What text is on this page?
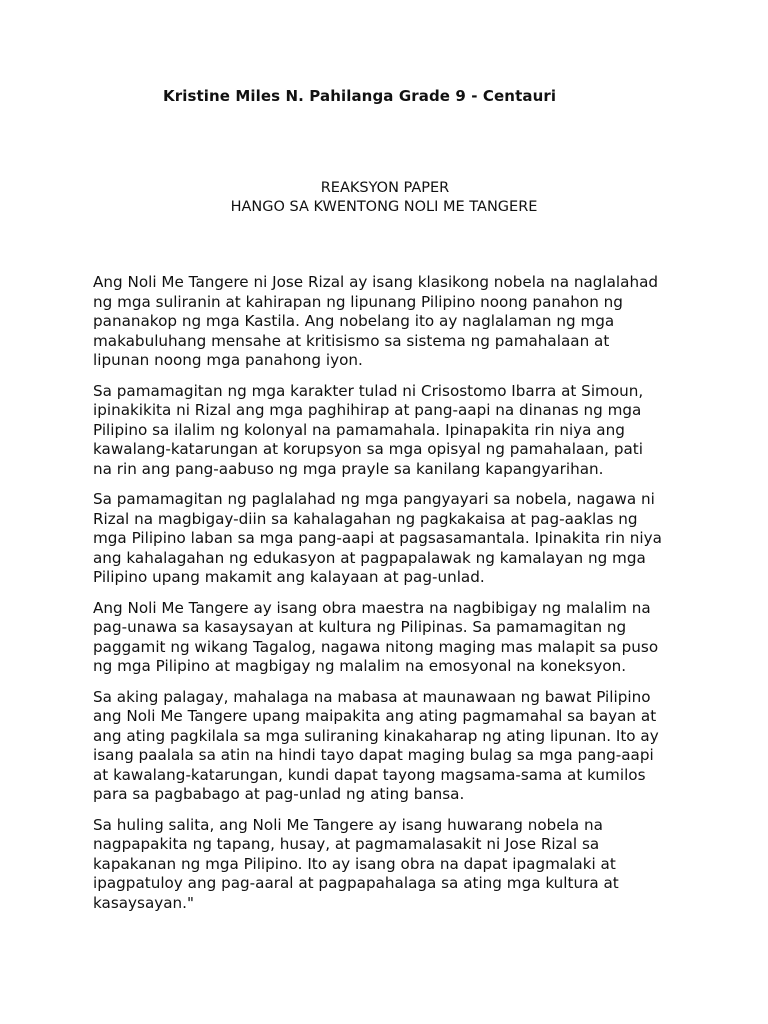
Kristine Miles N. Pahilanga Grade 9 - Centauri
REAKSYON PAPER
HANGO SA KWENTONG NOLI ME TANGERE

Ang Noli Me Tangere ni Jose Rizal ay isang klasikong nobela na naglalahad
ng mga suliranin at kahirapan ng lipunang Pilipino noong panahon ng
pananakop ng mga Kastila. Ang nobelang ito ay naglalaman ng mga
makabuluhang mensahe at kritisismo sa sistema ng pamahalaan at
lipunan noong mga panahong iyon.

Sa pamamagitan ng mga karakter tulad ni Crisostomo Ibarra at Simoun,
ipinakikita ni Rizal ang mga paghihirap at pang-aapi na dinanas ng mga
Pilipino sa ilalim ng kolonyal na pamamahala. Ipinapakita rin niya ang
kawalang-katarungan at korupsyon sa mga opisyal ng pamahalaan, pati
na rin ang pang-aabuso ng mga prayle sa kanilang kapangyarihan.

Sa pamamagitan ng paglalahad ng mga pangyayari sa nobela, nagawa ni
Rizal na magbigay-diin sa kahalagahan ng pagkakaisa at pag-aaklas ng
mga Pilipino laban sa mga pang-aapi at pagsasamantala. Ipinakita rin niya
ang kahalagahan ng edukasyon at pagpapalawak ng kamalayan ng mga
Pilipino upang makamit ang kalayaan at pag-unlad.

Ang Noli Me Tangere ay isang obra maestra na nagbibigay ng malalim na
pag-unawa sa kasaysayan at kultura ng Pilipinas. Sa pamamagitan ng
paggamit ng wikang Tagalog, nagawa nitong maging mas malapit sa puso
ng mga Pilipino at magbigay ng malalim na emosyonal na koneksyon.

Sa aking palagay, mahalaga na mabasa at maunawaan ng bawat Pilipino
ang Noli Me Tangere upang maipakita ang ating pagmamahal sa bayan at
ang ating pagkilala sa mga suliraning kinakaharap ng ating lipunan. Ito ay
isang paalala sa atin na hindi tayo dapat maging bulag sa mga pang-aapi
at kawalang-katarungan, kundi dapat tayong magsama-sama at kumilos
para sa pagbabago at pag-unlad ng ating bansa.

Sa huling salita, ang Noli Me Tangere ay isang huwarang nobela na
nagpapakita ng tapang, husay, at pagmamalasakit ni Jose Rizal sa
kapakanan ng mga Pilipino. Ito ay isang obra na dapat ipagmalaki at
ipagpatuloy ang pag-aaral at pagpapahalaga sa ating mga kultura at
kasaysayan."
